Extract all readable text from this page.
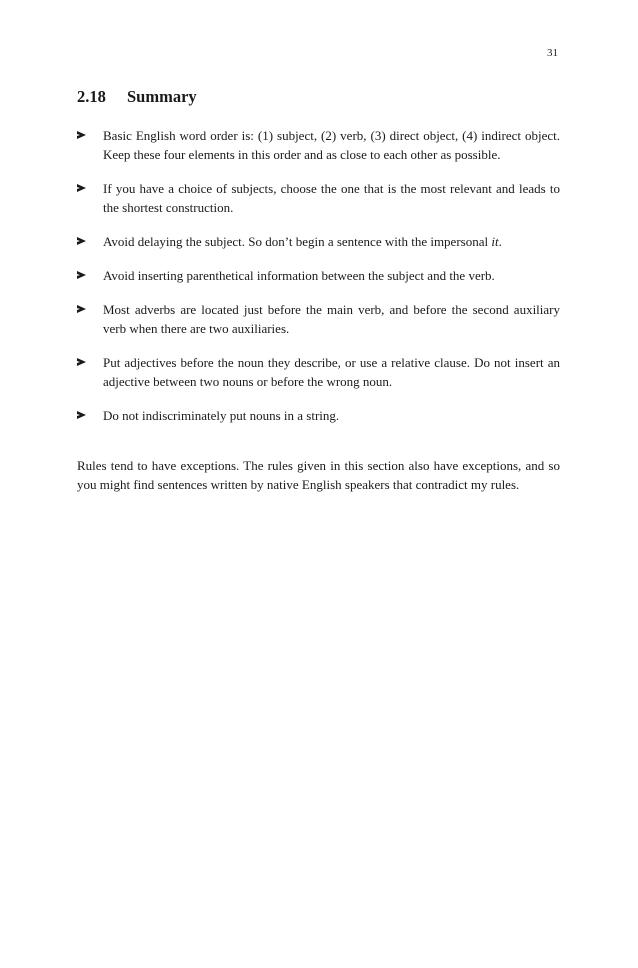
31
2.18 Summary
Basic English word order is: (1) subject, (2) verb, (3) direct object, (4) indirect object. Keep these four elements in this order and as close to each other as possible.
If you have a choice of subjects, choose the one that is the most relevant and leads to the shortest construction.
Avoid delaying the subject. So don’t begin a sentence with the impersonal it.
Avoid inserting parenthetical information between the subject and the verb.
Most adverbs are located just before the main verb, and before the second auxiliary verb when there are two auxiliaries.
Put adjectives before the noun they describe, or use a relative clause. Do not insert an adjective between two nouns or before the wrong noun.
Do not indiscriminately put nouns in a string.

Rules tend to have exceptions. The rules given in this section also have exceptions, and so you might find sentences written by native English speakers that contradict my rules.
